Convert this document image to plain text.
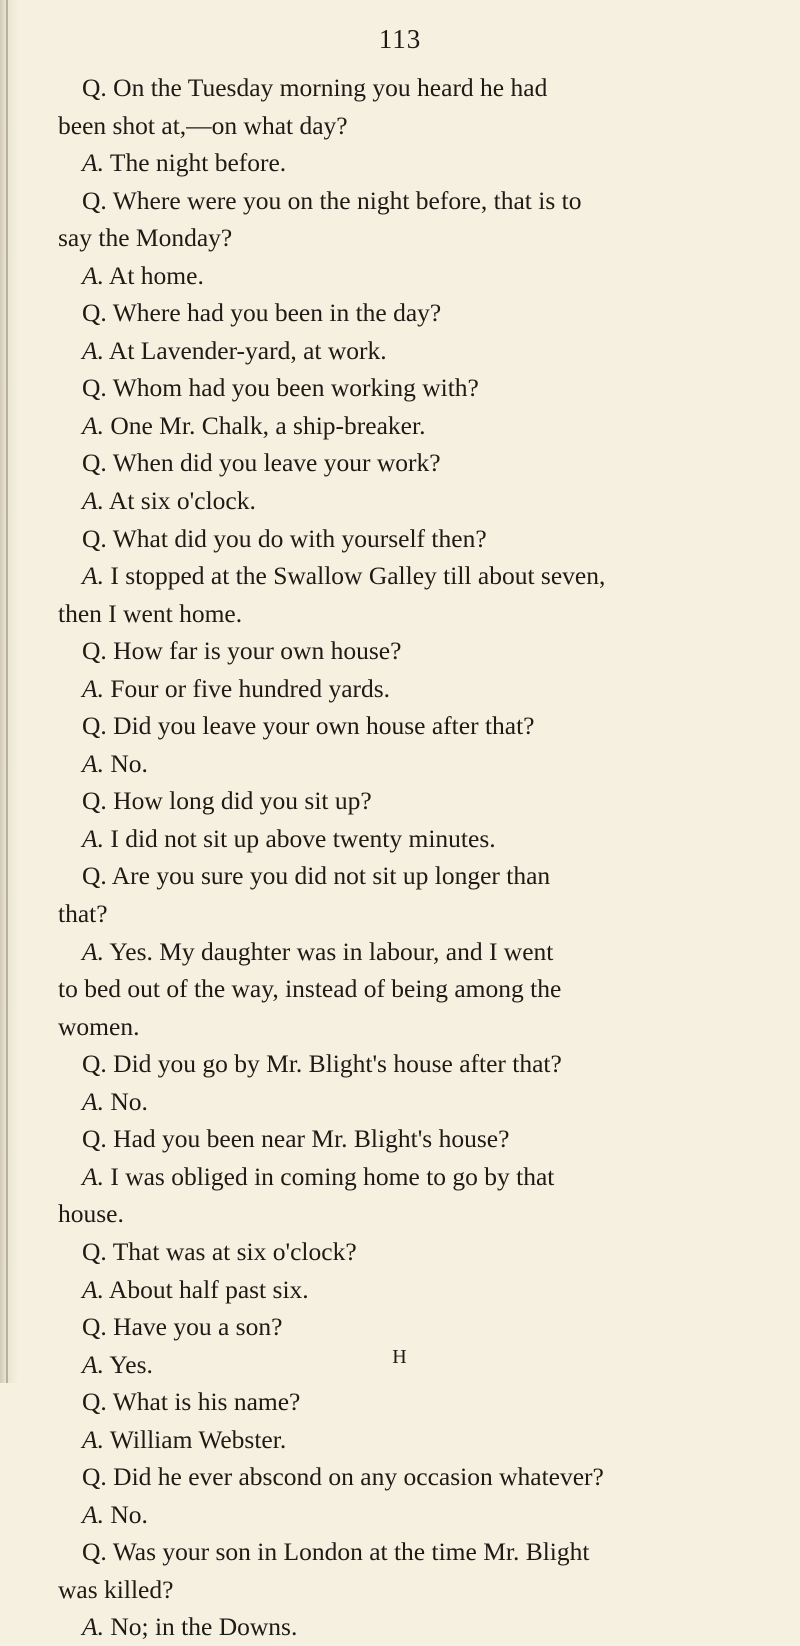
113
Q. On the Tuesday morning you heard he had
been shot at,—on what day?
A. The night before.
Q. Where were you on the night before, that is to
say the Monday?
A. At home.
Q. Where had you been in the day?
A. At Lavender-yard, at work.
Q. Whom had you been working with?
A. One Mr. Chalk, a ship-breaker.
Q. When did you leave your work?
A. At six o'clock.
Q. What did you do with yourself then?
A. I stopped at the Swallow Galley till about seven,
then I went home.
Q. How far is your own house?
A. Four or five hundred yards.
Q. Did you leave your own house after that?
A. No.
Q. How long did you sit up?
A. I did not sit up above twenty minutes.
Q. Are you sure you did not sit up longer than
that?
A. Yes. My daughter was in labour, and I went
to bed out of the way, instead of being among the
women.
Q. Did you go by Mr. Blight's house after that?
A. No.
Q. Had you been near Mr. Blight's house?
A. I was obliged in coming home to go by that
house.
Q. That was at six o'clock?
A. About half past six.
Q. Have you a son?
A. Yes.
Q. What is his name?
A. William Webster.
Q. Did he ever abscond on any occasion whatever?
A. No.
Q. Was your son in London at the time Mr. Blight
was killed?
A. No; in the Downs.
H
